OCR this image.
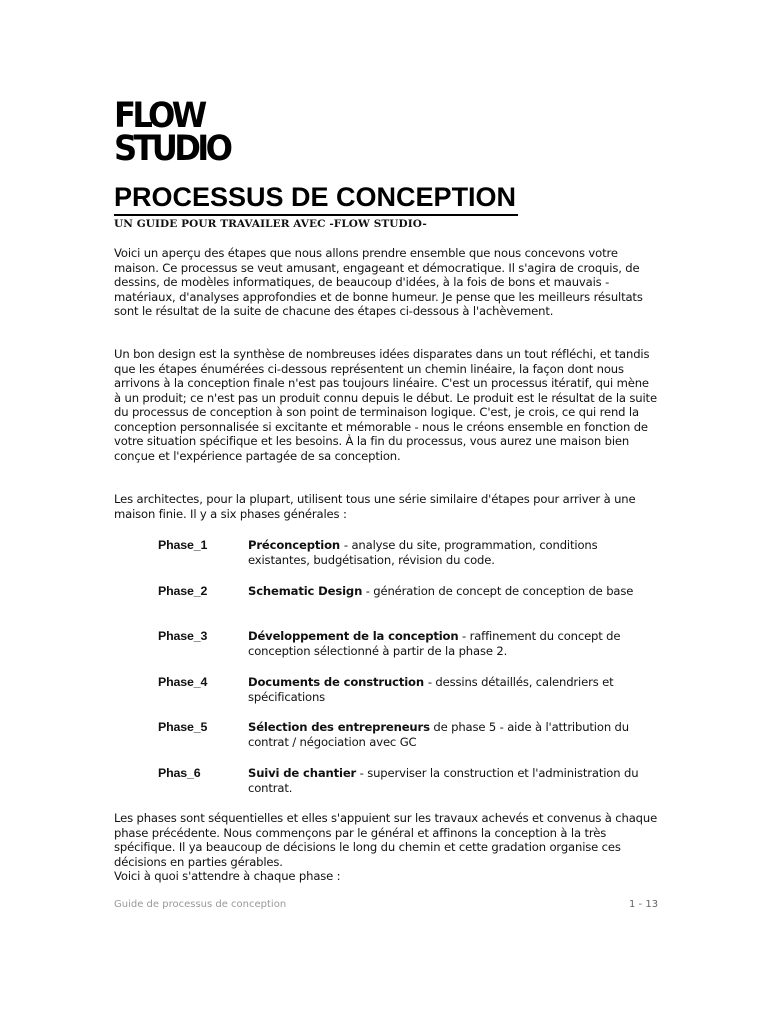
FLOW
STUDIO
PROCESSUS DE CONCEPTION
UN GUIDE POUR TRAVAILER AVEC -FLOW STUDIO-
Voici un aperçu des étapes que nous allons prendre ensemble que nous concevons votre maison. Ce processus se veut amusant, engageant et démocratique. Il s'agira de croquis, de dessins, de modèles informatiques, de beaucoup d'idées, à la fois de bons et mauvais - matériaux, d'analyses approfondies et de bonne humeur. Je pense que les meilleurs résultats sont le résultat de la suite de chacune des étapes ci-dessous à l'achèvement.
Un bon design est la synthèse de nombreuses idées disparates dans un tout réfléchi, et tandis que les étapes énumérées ci-dessous représentent un chemin linéaire, la façon dont nous arrivons à la conception finale n'est pas toujours linéaire. C'est un processus itératif, qui mène à un produit; ce n'est pas un produit connu depuis le début. Le produit est le résultat de la suite du processus de conception à son point de terminaison logique. C'est, je crois, ce qui rend la conception personnalisée si excitante et mémorable - nous le créons ensemble en fonction de votre situation spécifique et les besoins. À la fin du processus, vous aurez une maison bien conçue et l'expérience partagée de sa conception.
Les architectes, pour la plupart, utilisent tous une série similaire d'étapes pour arriver à une maison finie. Il y a six phases générales :
Phase_1	Préconception - analyse du site, programmation, conditions existantes, budgétisation, révision du code.
Phase_2	Schematic Design - génération de concept de conception de base
Phase_3	Développement de la conception - raffinement du concept de conception sélectionné à partir de la phase 2.
Phase_4	Documents de construction - dessins détaillés, calendriers et spécifications
Phase_5	Sélection des entrepreneurs de phase 5 - aide à l'attribution du contrat / négociation avec GC
Phas_6	Suivi de chantier - superviser la construction et l'administration du contrat.
Les phases sont séquentielles et elles s'appuient sur les travaux achevés et convenus à chaque phase précédente. Nous commençons par le général et affinons la conception à la très spécifique. Il ya beaucoup de décisions le long du chemin et cette gradation organise ces décisions en parties gérables.
Voici à quoi s'attendre à chaque phase :
Guide de processus de conception	1 - 13
